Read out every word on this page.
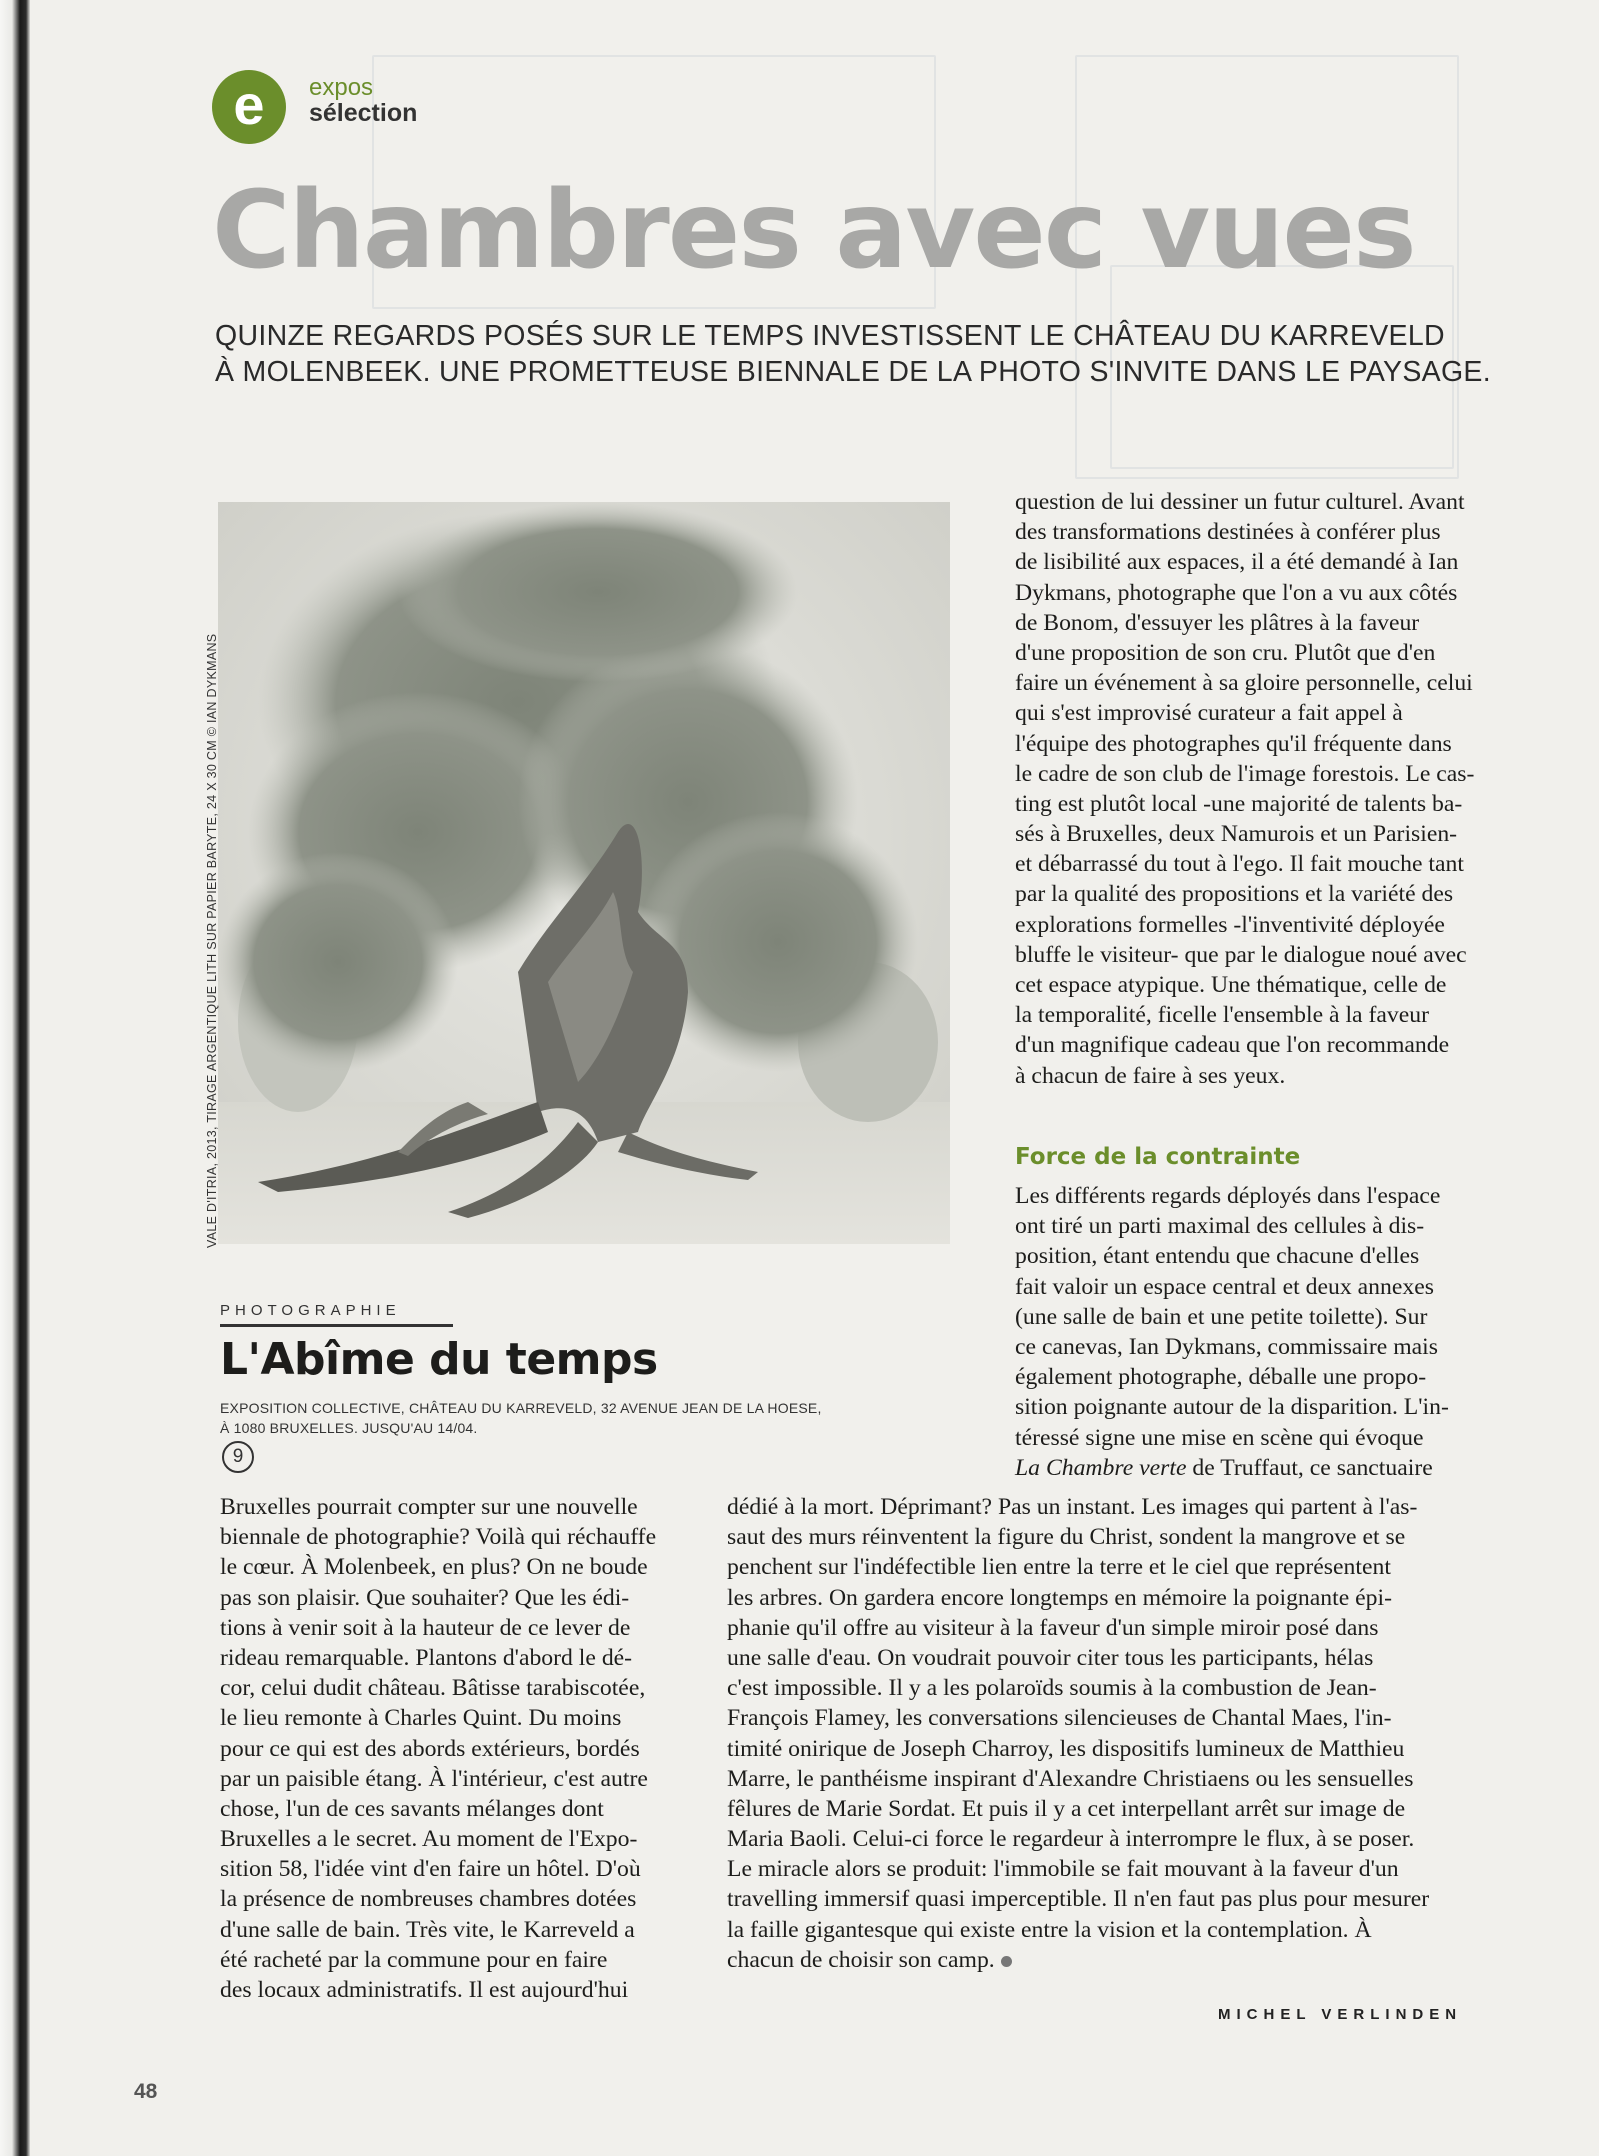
e	expos
sélection
Chambres avec vues
QUINZE REGARDS POSÉS SUR LE TEMPS INVESTISSENT LE CHÂTEAU DU KARREVELD
À MOLENBEEK. UNE PROMETTEUSE BIENNALE DE LA PHOTO S'INVITE DANS LE PAYSAGE.
VALE D'ITRIA, 2013, TIRAGE ARGENTIQUE LITH SUR PAPIER BARYTE, 24 X 30 CM © IAN DYKMANS
PHOTOGRAPHIE
L'Abîme du temps
EXPOSITION COLLECTIVE, CHÂTEAU DU KARREVELD, 32 AVENUE JEAN DE LA HOESE,
À 1080 BRUXELLES. JUSQU'AU 14/04.
9
Bruxelles pourrait compter sur une nouvelle
biennale de photographie? Voilà qui réchauffe
le cœur. À Molenbeek, en plus? On ne boude
pas son plaisir. Que souhaiter? Que les édi-
tions à venir soit à la hauteur de ce lever de
rideau remarquable. Plantons d'abord le dé-
cor, celui dudit château. Bâtisse tarabiscotée,
le lieu remonte à Charles Quint. Du moins
pour ce qui est des abords extérieurs, bordés
par un paisible étang. À l'intérieur, c'est autre
chose, l'un de ces savants mélanges dont
Bruxelles a le secret. Au moment de l'Expo-
sition 58, l'idée vint d'en faire un hôtel. D'où
la présence de nombreuses chambres dotées
d'une salle de bain. Très vite, le Karreveld a
été racheté par la commune pour en faire
des locaux administratifs. Il est aujourd'hui
question de lui dessiner un futur culturel. Avant
des transformations destinées à conférer plus
de lisibilité aux espaces, il a été demandé à Ian
Dykmans, photographe que l'on a vu aux côtés
de Bonom, d'essuyer les plâtres à la faveur
d'une proposition de son cru. Plutôt que d'en
faire un événement à sa gloire personnelle, celui
qui s'est improvisé curateur a fait appel à
l'équipe des photographes qu'il fréquente dans
le cadre de son club de l'image forestois. Le cas-
ting est plutôt local -une majorité de talents ba-
sés à Bruxelles, deux Namurois et un Parisien-
et débarrassé du tout à l'ego. Il fait mouche tant
par la qualité des propositions et la variété des
explorations formelles -l'inventivité déployée
bluffe le visiteur- que par le dialogue noué avec
cet espace atypique. Une thématique, celle de
la temporalité, ficelle l'ensemble à la faveur
d'un magnifique cadeau que l'on recommande
à chacun de faire à ses yeux.
Force de la contrainte
Les différents regards déployés dans l'espace
ont tiré un parti maximal des cellules à dis-
position, étant entendu que chacune d'elles
fait valoir un espace central et deux annexes
(une salle de bain et une petite toilette). Sur
ce canevas, Ian Dykmans, commissaire mais
également photographe, déballe une propo-
sition poignante autour de la disparition. L'in-
téressé signe une mise en scène qui évoque
La Chambre verte de Truffaut, ce sanctuaire
dédié à la mort. Déprimant? Pas un instant. Les images qui partent à l'as-
saut des murs réinventent la figure du Christ, sondent la mangrove et se
penchent sur l'indéfectible lien entre la terre et le ciel que représentent
les arbres. On gardera encore longtemps en mémoire la poignante épi-
phanie qu'il offre au visiteur à la faveur d'un simple miroir posé dans
une salle d'eau. On voudrait pouvoir citer tous les participants, hélas
c'est impossible. Il y a les polaroïds soumis à la combustion de Jean-
François Flamey, les conversations silencieuses de Chantal Maes, l'in-
timité onirique de Joseph Charroy, les dispositifs lumineux de Matthieu
Marre, le panthéisme inspirant d'Alexandre Christiaens ou les sensuelles
fêlures de Marie Sordat. Et puis il y a cet interpellant arrêt sur image de
Maria Baoli. Celui-ci force le regardeur à interrompre le flux, à se poser.
Le miracle alors se produit: l'immobile se fait mouvant à la faveur d'un
travelling immersif quasi imperceptible. Il n'en faut pas plus pour mesurer
la faille gigantesque qui existe entre la vision et la contemplation. À
chacun de choisir son camp.
MICHEL VERLINDEN
48
